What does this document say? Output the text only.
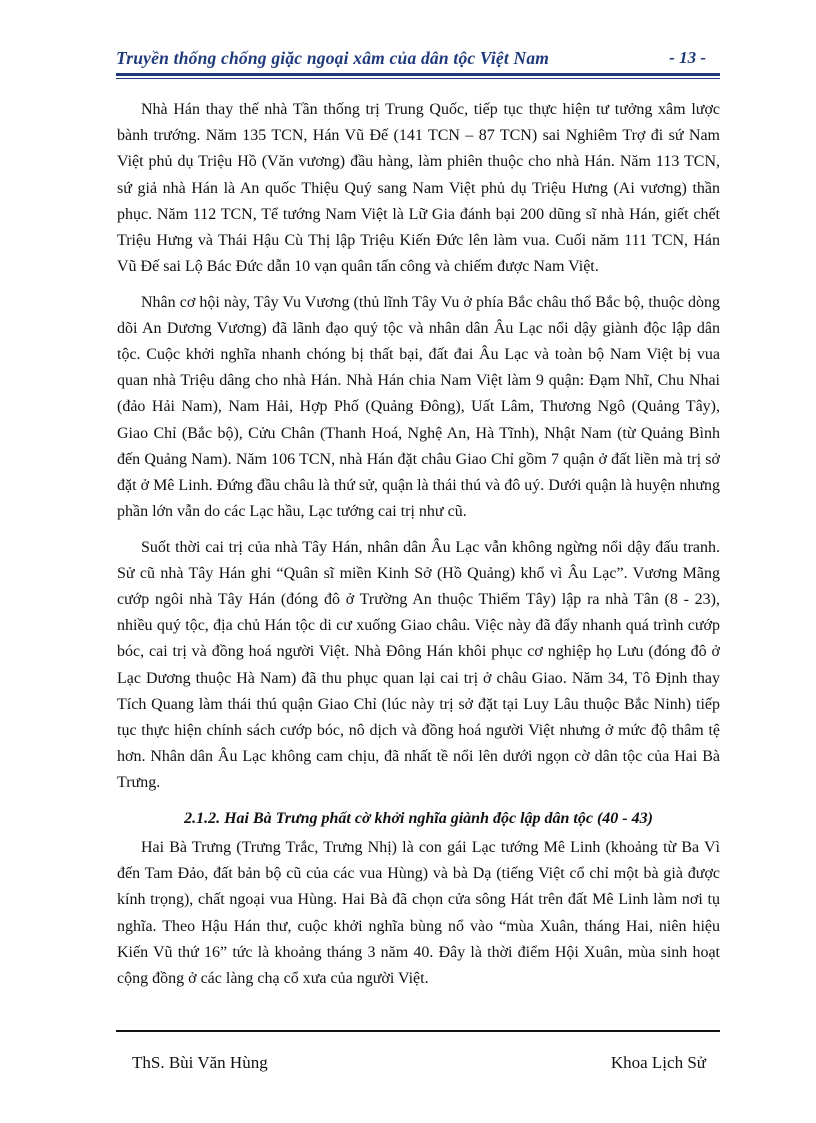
Truyền thống chống giặc ngoại xâm của dân tộc Việt Nam	- 13 -

Nhà Hán thay thế nhà Tần thống trị Trung Quốc, tiếp tục thực hiện tư tưởng xâm lược bành trướng. Năm 135 TCN, Hán Vũ Đế (141 TCN – 87 TCN) sai Nghiêm Trợ đi sứ Nam Việt phủ dụ Triệu Hồ (Văn vương) đầu hàng, làm phiên thuộc cho nhà Hán. Năm 113 TCN, sứ giả nhà Hán là An quốc Thiệu Quý sang Nam Việt phủ dụ Triệu Hưng (Ai vương) thần phục. Năm 112 TCN, Tể tướng Nam Việt là Lữ Gia đánh bại 200 dũng sĩ nhà Hán, giết chết Triệu Hưng và Thái Hậu Cù Thị lập Triệu Kiến Đức lên làm vua. Cuối năm 111 TCN, Hán Vũ Đế sai Lộ Bác Đức dẫn 10 vạn quân tấn công và chiếm được Nam Việt.

Nhân cơ hội này, Tây Vu Vương (thủ lĩnh Tây Vu ở phía Bắc châu thổ Bắc bộ, thuộc dòng dõi An Dương Vương) đã lãnh đạo quý tộc và nhân dân Âu Lạc nổi dậy giành độc lập dân tộc. Cuộc khởi nghĩa nhanh chóng bị thất bại, đất đai Âu Lạc và toàn bộ Nam Việt bị vua quan nhà Triệu dâng cho nhà Hán. Nhà Hán chia Nam Việt làm 9 quận: Đạm Nhĩ, Chu Nhai (đảo Hải Nam), Nam Hải, Hợp Phố (Quảng Đông), Uất Lâm, Thương Ngô (Quảng Tây), Giao Chỉ (Bắc bộ), Cửu Chân (Thanh Hoá, Nghệ An, Hà Tĩnh), Nhật Nam (từ Quảng Bình đến Quảng Nam). Năm 106 TCN, nhà Hán đặt châu Giao Chỉ gồm 7 quận ở đất liền mà trị sở đặt ở Mê Linh. Đứng đầu châu là thứ sử, quận là thái thú và đô uý. Dưới quận là huyện nhưng phần lớn vẫn do các Lạc hầu, Lạc tướng cai trị như cũ.

Suốt thời cai trị của nhà Tây Hán, nhân dân Âu Lạc vẫn không ngừng nổi dậy đấu tranh. Sử cũ nhà Tây Hán ghi “Quân sĩ miền Kinh Sở (Hồ Quảng) khổ vì Âu Lạc”. Vương Mãng cướp ngôi nhà Tây Hán (đóng đô ở Trường An thuộc Thiểm Tây) lập ra nhà Tân (8 - 23), nhiều quý tộc, địa chủ Hán tộc di cư xuống Giao châu. Việc này đã đẩy nhanh quá trình cướp bóc, cai trị và đồng hoá người Việt. Nhà Đông Hán khôi phục cơ nghiệp họ Lưu (đóng đô ở Lạc Dương thuộc Hà Nam) đã thu phục quan lại cai trị ở châu Giao. Năm 34, Tô Định thay Tích Quang làm thái thú quận Giao Chỉ (lúc này trị sở đặt tại Luy Lâu thuộc Bắc Ninh) tiếp tục thực hiện chính sách cướp bóc, nô dịch và đồng hoá người Việt nhưng ở mức độ thâm tệ hơn. Nhân dân Âu Lạc không cam chịu, đã nhất tề nổi lên dưới ngọn cờ dân tộc của Hai Bà Trưng.

2.1.2. Hai Bà Trưng phất cờ khởi nghĩa giành độc lập dân tộc (40 - 43)

Hai Bà Trưng (Trưng Trắc, Trưng Nhị) là con gái Lạc tướng Mê Linh (khoảng từ Ba Vì đến Tam Đảo, đất bản bộ cũ của các vua Hùng) và bà Dạ (tiếng Việt cổ chỉ một bà già được kính trọng), chất ngoại vua Hùng. Hai Bà đã chọn cửa sông Hát trên đất Mê Linh làm nơi tụ nghĩa. Theo Hậu Hán thư, cuộc khởi nghĩa bùng nổ vào “mùa Xuân, tháng Hai, niên hiệu Kiến Vũ thứ 16” tức là khoảng tháng 3 năm 40. Đây là thời điểm Hội Xuân, mùa sinh hoạt cộng đồng ở các làng chạ cổ xưa của người Việt.

ThS. Bùi Văn Hùng	Khoa Lịch Sử
